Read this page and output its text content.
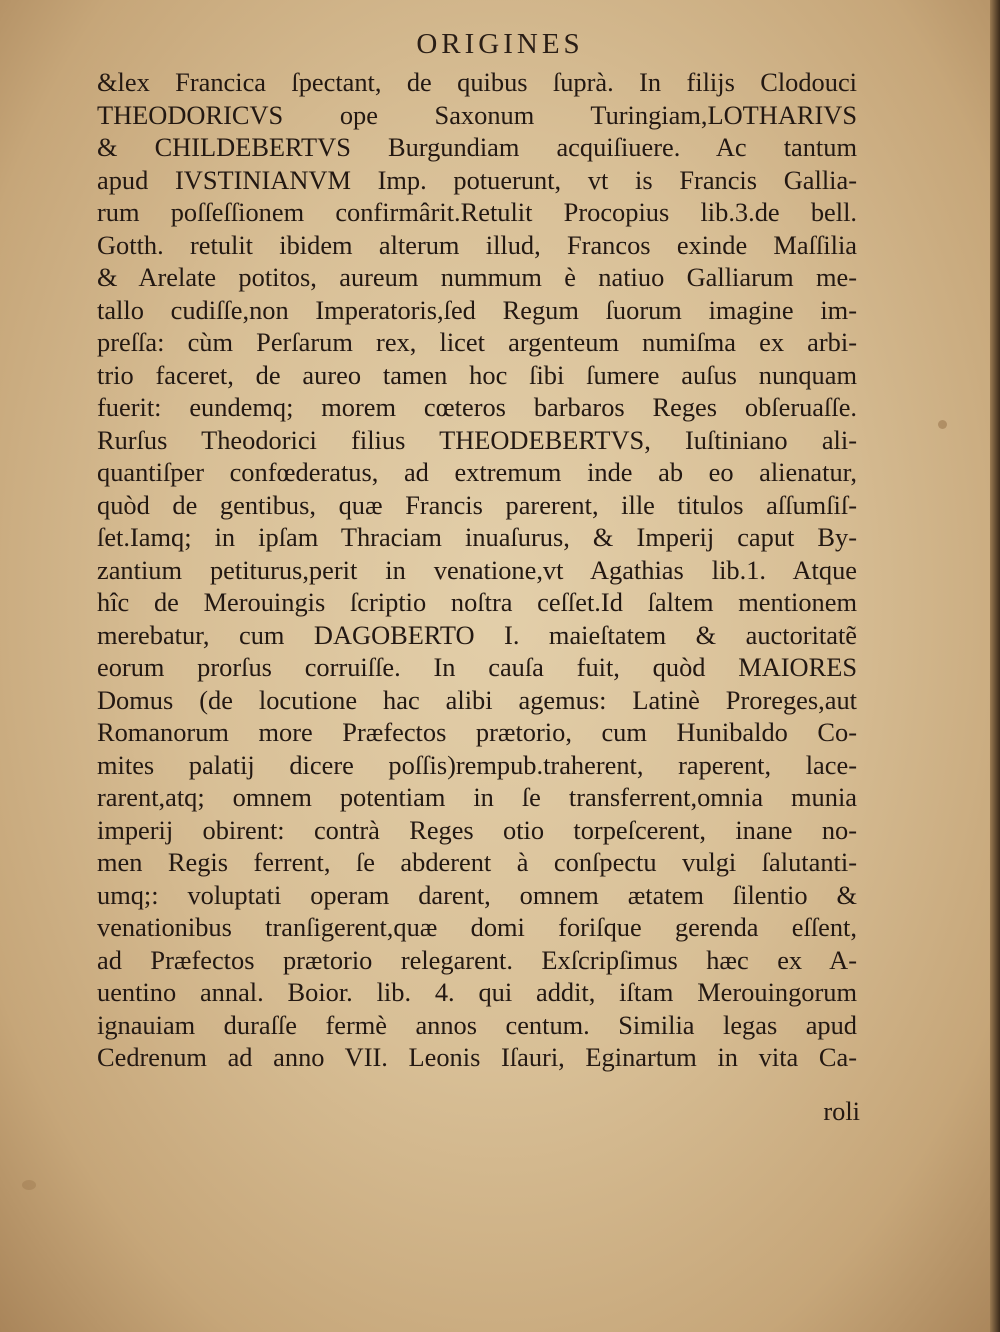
ORIGINES
&lex Francica ſpectant, de quibus ſuprà. In filijs Clodouci
THEODORICVS ope Saxonum Turingiam,LOTHARIVS
& CHILDEBERTVS Burgundiam acquiſiuere. Ac tantum
apud IVSTINIANVM Imp. potuerunt, vt is Francis Gallia-
rum poſſeſſionem confirmârit.Retulit Procopius lib.3.de bell.
Gotth. retulit ibidem alterum illud, Francos exinde Maſſilia
& Arelate potitos, aureum nummum è natiuo Galliarum me-
tallo cudiſſe,non Imperatoris,ſed Regum ſuorum imagine im-
preſſa: cùm Perſarum rex, licet argenteum numiſma ex arbi-
trio faceret, de aureo tamen hoc ſibi ſumere auſus nunquam
fuerit: eundemq; morem cœteros barbaros Reges obſeruaſſe.
Rurſus Theodorici filius THEODEBERTVS, Iuſtiniano ali-
quantiſper confœderatus, ad extremum inde ab eo alienatur,
quòd de gentibus, quæ Francis parerent, ille titulos aſſumſiſ-
ſet.Iamq; in ipſam Thraciam inuaſurus, & Imperij caput By-
zantium petiturus,perit in venatione,vt Agathias lib.1. Atque
hîc de Merouingis ſcriptio noſtra ceſſet.Id ſaltem mentionem
merebatur, cum DAGOBERTO I. maieſtatem & auctoritatẽ
eorum prorſus corruiſſe. In cauſa fuit, quòd MAIORES
Domus (de locutione hac alibi agemus: Latinè Proreges,aut
Romanorum more Præfectos prætorio, cum Hunibaldo Co-
mites palatij dicere poſſis)rempub.traherent, raperent, lace-
rarent,atq; omnem potentiam in ſe transferrent,omnia munia
imperij obirent: contrà Reges otio torpeſcerent, inane no-
men Regis ferrent, ſe abderent à conſpectu vulgi ſalutanti-
umq;: voluptati operam darent, omnem ætatem ſilentio &
venationibus tranſigerent,quæ domi foriſque gerenda eſſent,
ad Præfectos prætorio relegarent. Exſcripſimus hæc ex A-
uentino annal. Boior. lib. 4. qui addit, iſtam Merouingorum
ignauiam duraſſe fermè annos centum. Similia legas apud
Cedrenum ad anno VII. Leonis Iſauri, Eginartum in vita Ca-
roli
